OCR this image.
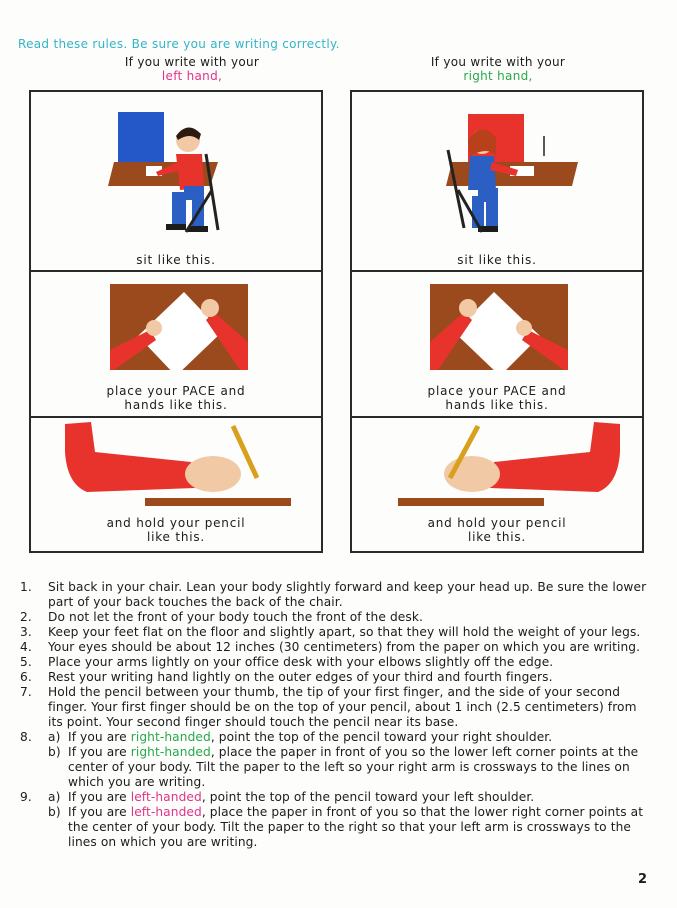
Read these rules. Be sure you are writing correctly.
If you write with your
left hand,
If you write with your
right hand,
sit like this.
place your PACE and
hands like this.
and hold your pencil
like this.
sit like this.
place your PACE and
hands like this.
and hold your pencil
like this.
1. Sit back in your chair. Lean your body slightly forward and keep your head up. Be sure the lower part of your back touches the back of the chair.
2. Do not let the front of your body touch the front of the desk.
3. Keep your feet flat on the floor and slightly apart, so that they will hold the weight of your legs.
4. Your eyes should be about 12 inches (30 centimeters) from the paper on which you are writing.
5. Place your arms lightly on your office desk with your elbows slightly off the edge.
6. Rest your writing hand lightly on the outer edges of your third and fourth fingers.
7. Hold the pencil between your thumb, the tip of your first finger, and the side of your second finger. Your first finger should be on the top of your pencil, about 1 inch (2.5 centimeters) from its point. Your second finger should touch the pencil near its base.
8. a) If you are right-handed, point the top of the pencil toward your right shoulder.
b) If you are right-handed, place the paper in front of you so the lower left corner points at the center of your body. Tilt the paper to the left so your right arm is crossways to the lines on which you are writing.
9. a) If you are left-handed, point the top of the pencil toward your left shoulder.
b) If you are left-handed, place the paper in front of you so that the lower right corner points at the center of your body. Tilt the paper to the right so that your left arm is crossways to the lines on which you are writing.
2
